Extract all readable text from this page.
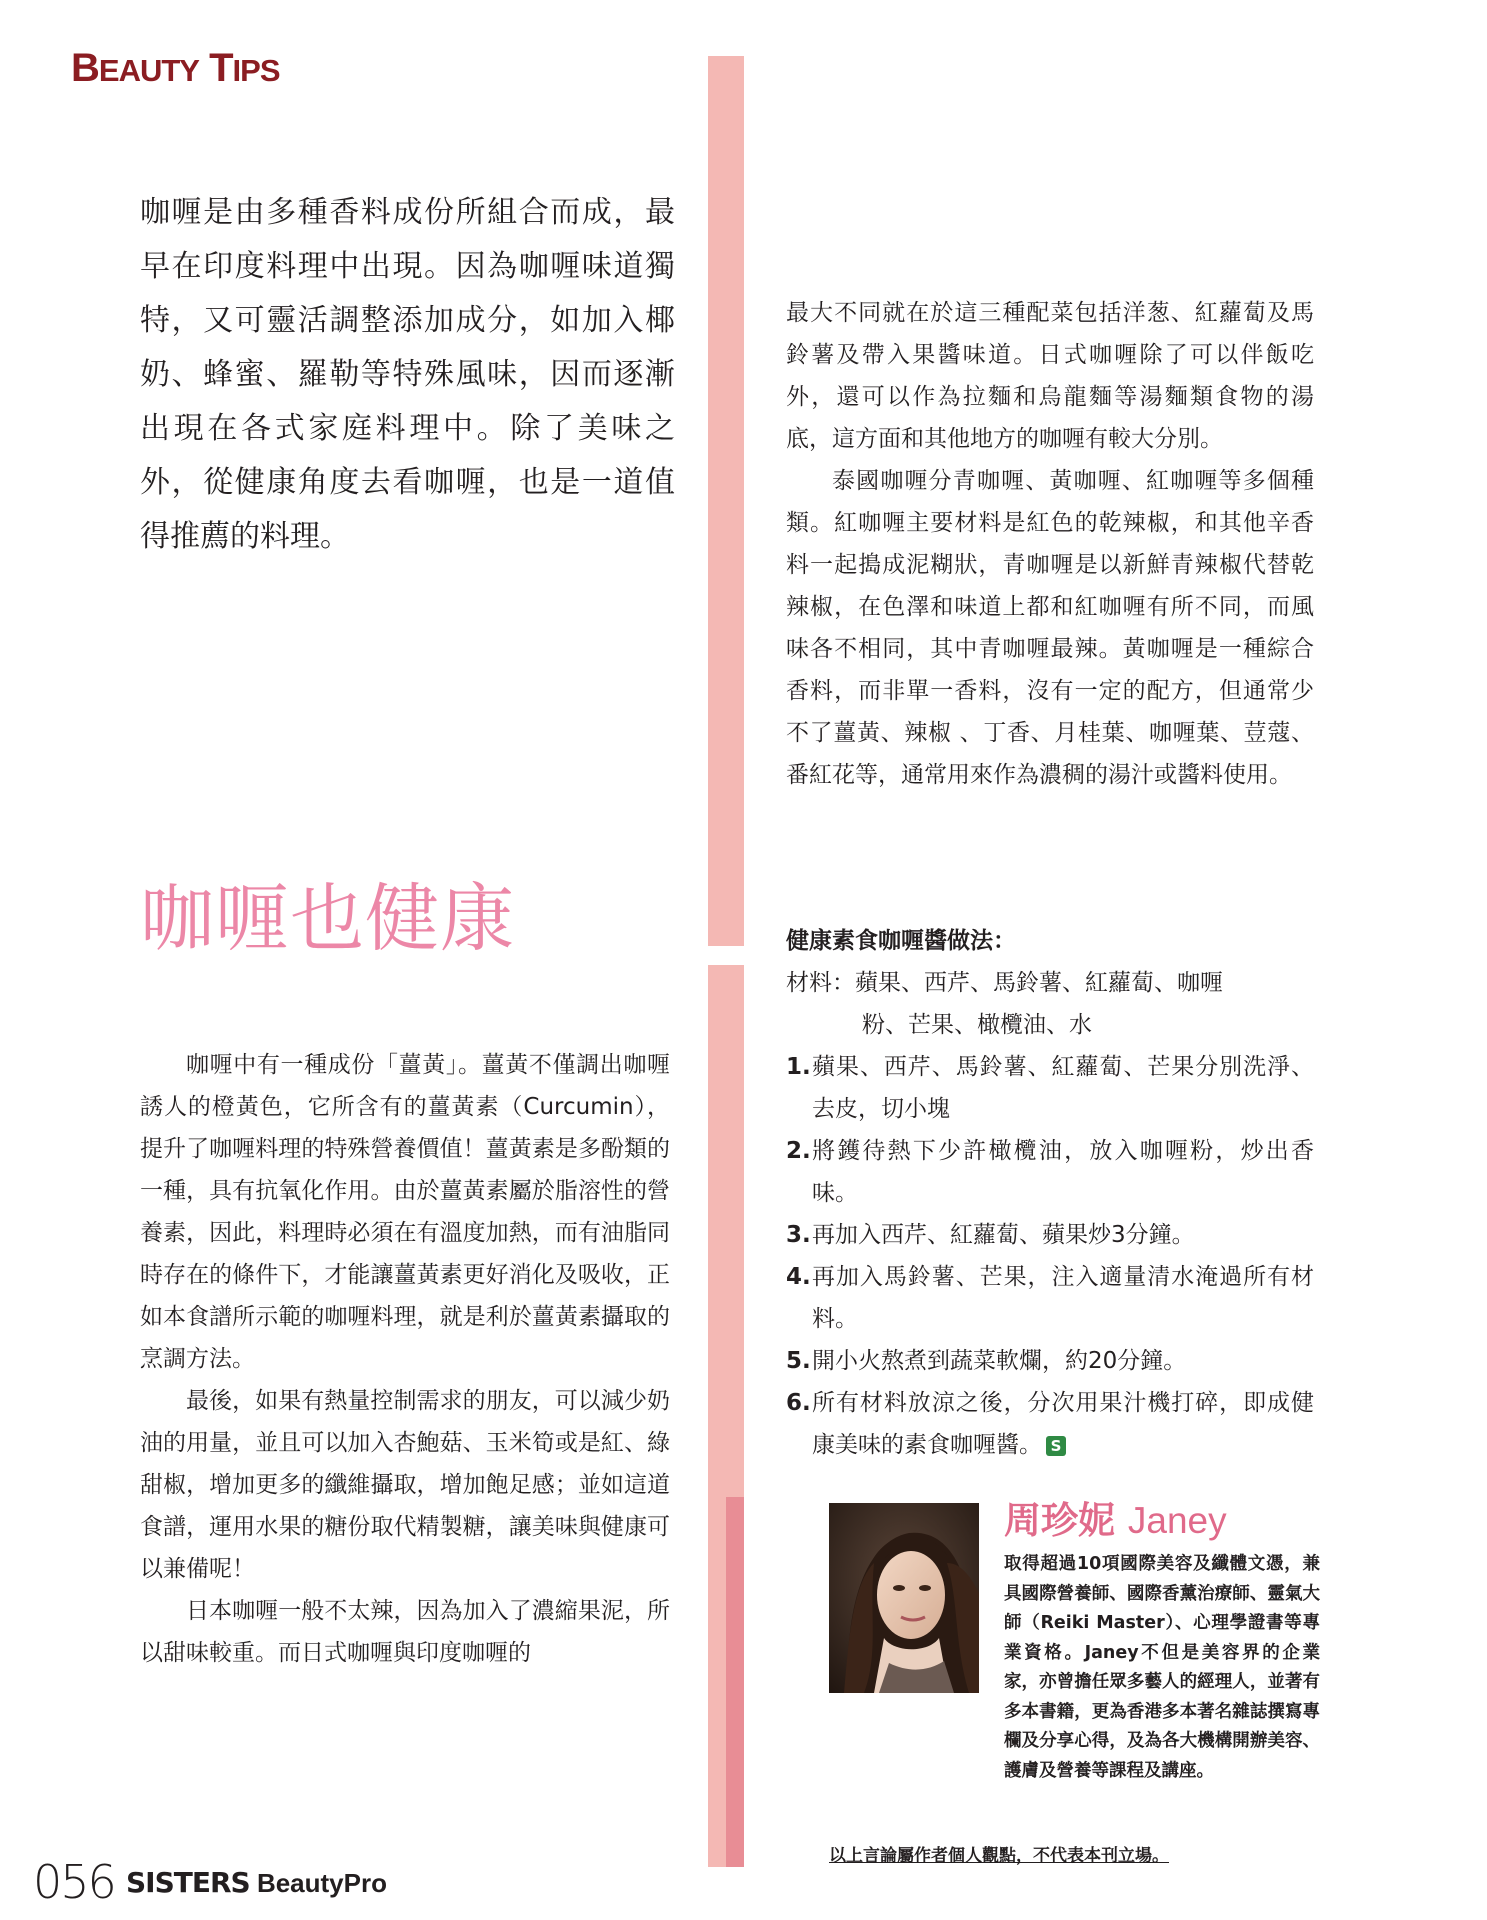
BEAUTY TIPS
咖喱是由多種香料成份所組合而成，最早在印度料理中出現。因為咖喱味道獨特，又可靈活調整添加成分，如加入椰奶、蜂蜜、羅勒等特殊風味，因而逐漸出現在各式家庭料理中。除了美味之外，從健康角度去看咖喱，也是一道值得推薦的料理。
咖喱也健康

咖喱中有一種成份「薑黃」。薑黃不僅調出咖喱誘人的橙黃色，它所含有的薑黃素（Curcumin），提升了咖喱料理的特殊營養價值！薑黃素是多酚類的一種，具有抗氧化作用。由於薑黃素屬於脂溶性的營養素，因此，料理時必須在有溫度加熱，而有油脂同時存在的條件下，才能讓薑黃素更好消化及吸收，正如本食譜所示範的咖喱料理，就是利於薑黃素攝取的烹調方法。

最後，如果有熱量控制需求的朋友，可以減少奶油的用量，並且可以加入杏鮑菇、玉米筍或是紅、綠甜椒，增加更多的纖維攝取，增加飽足感；並如這道食譜，運用水果的糖份取代精製糖，讓美味與健康可以兼備呢！

日本咖喱一般不太辣，因為加入了濃縮果泥，所以甜味較重。而日式咖喱與印度咖喱的

最大不同就在於這三種配菜包括洋葱、紅蘿蔔及馬鈴薯及帶入果醬味道。日式咖喱除了可以伴飯吃外，還可以作為拉麵和烏龍麵等湯麵類食物的湯底，這方面和其他地方的咖喱有較大分別。

泰國咖喱分青咖喱、黃咖喱、紅咖喱等多個種類。紅咖喱主要材料是紅色的乾辣椒，和其他辛香料一起搗成泥糊狀，青咖喱是以新鮮青辣椒代替乾辣椒，在色澤和味道上都和紅咖喱有所不同，而風味各不相同，其中青咖喱最辣。黃咖喱是一種綜合香料，而非單一香料，沒有一定的配方，但通常少不了薑黃、辣椒 、丁香、月桂葉、咖喱葉、荳蔻、番紅花等，通常用來作為濃稠的湯汁或醬料使用。

健康素食咖喱醬做法：
材料：蘋果、西芹、馬鈴薯、紅蘿蔔、咖喱
粉、芒果、橄欖油、水
1. 蘋果、西芹、馬鈴薯、紅蘿蔔、芒果分別洗淨、去皮，切小塊
2. 將鑊待熱下少許橄欖油，放入咖喱粉，炒出香味。
3. 再加入西芹、紅蘿蔔、蘋果炒3分鐘。
4. 再加入馬鈴薯、芒果，注入適量清水淹過所有材料。
5. 開小火熬煮到蔬菜軟爛，約20分鐘。
6. 所有材料放涼之後，分次用果汁機打碎，即成健康美味的素食咖喱醬。 S
周珍妮 Janey
取得超過10項國際美容及纖體文憑，兼具國際營養師、國際香薰治療師、靈氣大師（Reiki Master）、心理學證書等專業資格。Janey不但是美容界的企業家，亦曾擔任眾多藝人的經理人，並著有多本書籍，更為香港多本著名雜誌撰寫專欄及分享心得，及為各大機構開辦美容、護膚及營養等課程及講座。
以上言論屬作者個人觀點，不代表本刊立場。
056 SISTERS BeautyPro
